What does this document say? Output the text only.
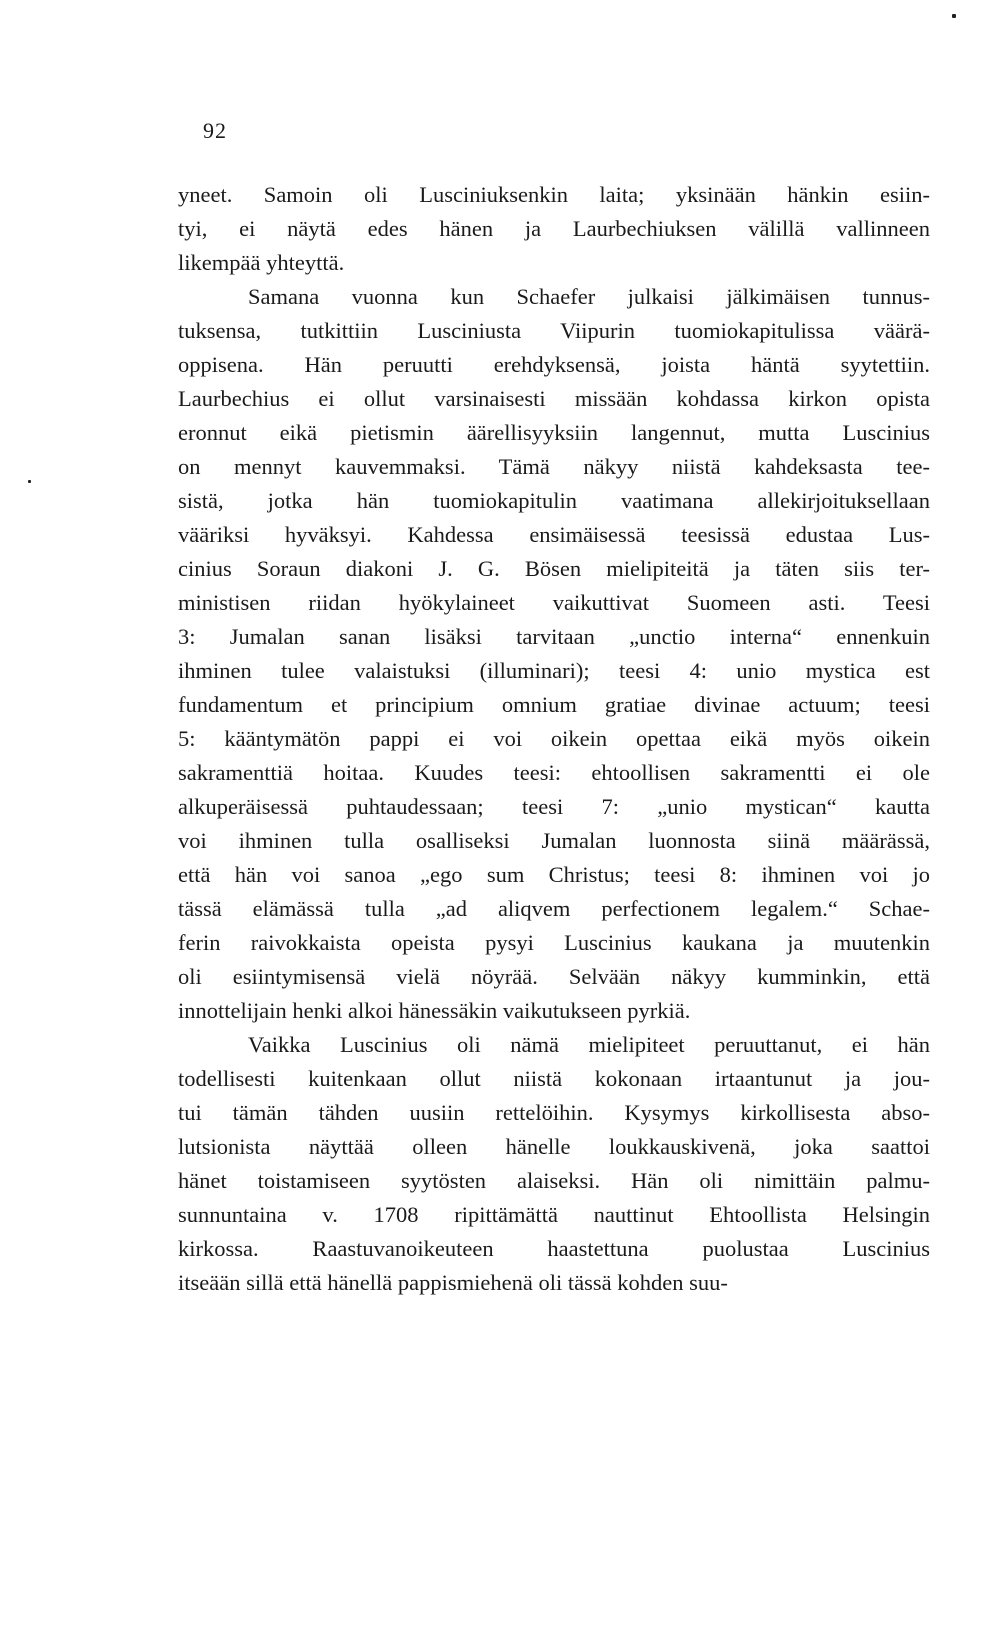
92
yneet. Samoin oli Lusciniuksenkin laita; yksinään hänkin esiin-
tyi, ei näytä edes hänen ja Laurbechiuksen välillä vallinneen
likempää yhteyttä.
Samana vuonna kun Schaefer julkaisi jälkimäisen tunnus-
tuksensa, tutkittiin Lusciniusta Viipurin tuomiokapitulissa väärä-
oppisena. Hän peruutti erehdyksensä, joista häntä syytettiin.
Laurbechius ei ollut varsinaisesti missään kohdassa kirkon opista
eronnut eikä pietismin äärellisyyksiin langennut, mutta Luscinius
on mennyt kauvemmaksi. Tämä näkyy niistä kahdeksasta tee-
sistä, jotka hän tuomiokapitulin vaatimana allekirjoituksellaan
vääriksi hyväksyi. Kahdessa ensimäisessä teesissä edustaa Lus-
cinius Soraun diakoni J. G. Bösen mielipiteitä ja täten siis ter-
ministisen riidan hyökylaineet vaikuttivat Suomeen asti. Teesi
3: Jumalan sanan lisäksi tarvitaan „unctio interna“ ennenkuin
ihminen tulee valaistuksi (illuminari); teesi 4: unio mystica est
fundamentum et principium omnium gratiae divinae actuum; teesi
5: kääntymätön pappi ei voi oikein opettaa eikä myös oikein
sakramenttiä hoitaa. Kuudes teesi: ehtoollisen sakramentti ei ole
alkuperäisessä puhtaudessaan; teesi 7: „unio mystican“ kautta
voi ihminen tulla osalliseksi Jumalan luonnosta siinä määrässä,
että hän voi sanoa „ego sum Christus; teesi 8: ihminen voi jo
tässä elämässä tulla „ad aliqvem perfectionem legalem.“ Schae-
ferin raivokkaista opeista pysyi Luscinius kaukana ja muutenkin
oli esiintymisensä vielä nöyrää. Selvään näkyy kumminkin, että
innottelijain henki alkoi hänessäkin vaikutukseen pyrkiä.
Vaikka Luscinius oli nämä mielipiteet peruuttanut, ei hän
todellisesti kuitenkaan ollut niistä kokonaan irtaantunut ja jou-
tui tämän tähden uusiin rettelöihin. Kysymys kirkollisesta abso-
lutsionista näyttää olleen hänelle loukkauskivenä, joka saattoi
hänet toistamiseen syytösten alaiseksi. Hän oli nimittäin palmu-
sunnuntaina v. 1708 ripittämättä nauttinut Ehtoollista Helsingin
kirkossa. Raastuvanoikeuteen haastettuna puolustaa Luscinius
itseään sillä että hänellä pappismiehenä oli tässä kohden suu-
